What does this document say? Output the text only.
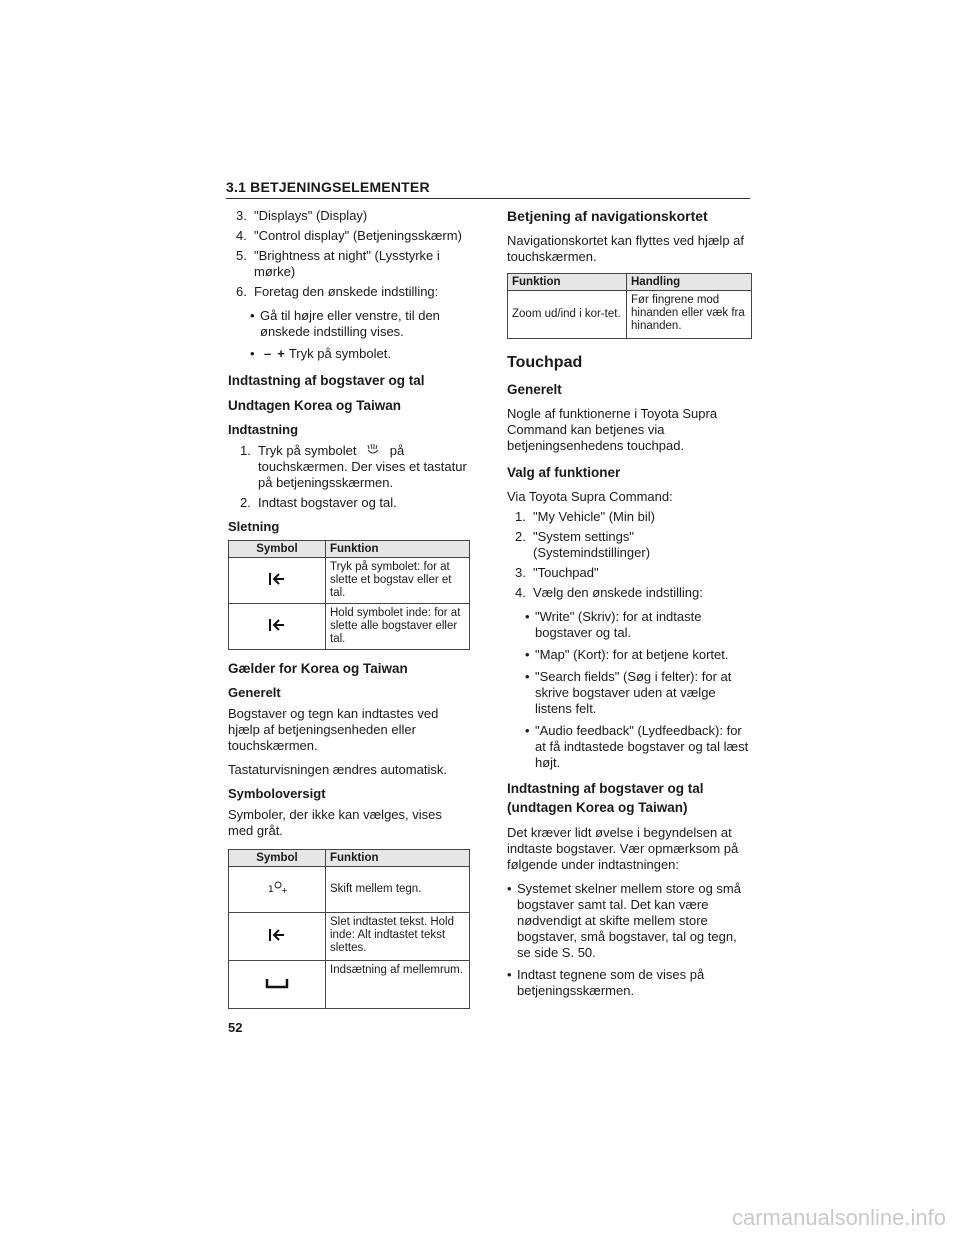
3.1 BETJENINGSELEMENTER
3. "Displays" (Display)
4. "Control display" (Betjeningsskærm)
5. "Brightness at night" (Lysstyrke i mørke)
6. Foretag den ønskede indstilling:
• Gå til højre eller venstre, til den ønskede indstilling vises.
• – + Tryk på symbolet.
Indtastning af bogstaver og tal
Undtagen Korea og Taiwan
Indtastning
1. Tryk på symbolet	på touchskærmen. Der vises et tastatur på betjeningsskærmen.
2. Indtast bogstaver og tal.
Sletning
Symbol	Funktion
	Tryk på symbolet: for at slette et bogstav eller et tal.
	Hold symbolet inde: for at slette alle bogstaver eller tal.
Gælder for Korea og Taiwan
Generelt

Bogstaver og tegn kan indtastes ved hjælp af betjeningsenheden eller touchskærmen.

Tastaturvisningen ændres automatisk.

Symboloversigt

Symboler, der ikke kan vælges, vises med gråt.

Symbol	Funktion

1 +	Skift mellem tegn.
	Slet indtastet tekst. Hold inde: Alt indtastet tekst slettes.
	Indsætning af mellemrum.
Betjening af navigationskortet

Navigationskortet kan flyttes ved hjælp af touchskærmen.

Funktion	Handling
Zoom ud/ind i kor-tet.	Før fingrene mod hinanden eller væk fra hinanden.
Touchpad
Generelt

Nogle af funktionerne i Toyota Supra Command kan betjenes via betjeningsenhedens touchpad.

Valg af funktioner

Via Toyota Supra Command:

1. "My Vehicle" (Min bil)
2. "System settings" (Systemindstillinger)
3. "Touchpad"
4. Vælg den ønskede indstilling:
• "Write" (Skriv): for at indtaste bogstaver og tal.
• "Map" (Kort): for at betjene kortet.
• "Search fields" (Søg i felter): for at skrive bogstaver uden at vælge listens felt.
• "Audio feedback" (Lydfeedback): for at få indtastede bogstaver og tal læst højt.
Indtastning af bogstaver og tal (undtagen Korea og Taiwan)

Det kræver lidt øvelse i begyndelsen at indtaste bogstaver. Vær opmærksom på følgende under indtastningen:

• Systemet skelner mellem store og små bogstaver samt tal. Det kan være nødvendigt at skifte mellem store bogstaver, små bogstaver, tal og tegn, se side S. 50.
• Indtast tegnene som de vises på betjeningsskærmen.
52
carmanualsonline.info
